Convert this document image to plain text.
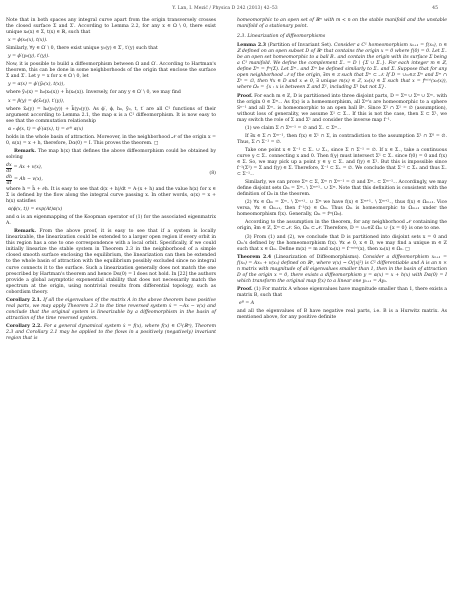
Y. Lan, I. Mezić / Physica D 242 (2013) 42–53	45

Note that in both spaces any integral curve apart from the origin transversely crosses the closed surface Σ and Σ′. According to Lemma 2.2, for any x ∈ Ω \ 0, there exist unique x₀(x) ∈ Σ, t(x) ∈ ℝ, such that

x = ϕ(x₀(x), t(x)).

Similarly, ∀y ∈ Ω′ \ 0, there exist unique y₀(y) ∈ Σ′, t′(y) such that

y = ϕ′(y₀(y), t′(y)).

Now, it is possible to build a diffeomorphism between Ω and Ω′. According to Hartman's theorem, this can be done in some neighborhoods of the origin that enclose the surface Σ and Σ′. Let y = x for x ∈ Ω \ 0, let

y = α(x) = ϕ′(ỹ₀(x), t(x)),

where ỹ₀(x) = h₀(x₀(x)) + h̃(x₀(x)). Inversely, for any y ∈ Ω′ \ 0, we may find

x = β(y) = ϕ(x̃₀(y), t′(y)),

where x̃₀(y) = h₀(y₀(y)) + k̃(y₀(y)). As ϕ′, ϕ, h₀, ỹ₀, t, t′ are all C¹ functions of their argument according to Lemma 2.1, the map α is a C¹ diffeomorphism. It is now easy to see that the commutation relationship

α ∘ ϕ(x, t) = ϕ′(α(x), t) = eᴬᵗ α(x)

holds in the whole basin of attraction. Moreover, in the neighborhood 𝒩 of the origin x = 0, α(x) = x + h, therefore, Dα(0) = I. This proves the theorem. □

Remark. The map h(x) that defines the above diffeomorphism could be obtained by solving

$\frac{dx}{dt} = Ax + v(x)$,
$\frac{dh}{dt} = Ah - v(x)$,
(8)

where h = h̃ + ∂h. It is easy to see that d(x + h)/dt = A·(x + h) and the value h(x) for x ∈ Σ is defined by the flow along the integral curve passing x. In other words, α(x) = x + h(x) satisfies

α(ϕ(x, t)) = exp(At)α(x)

and α is an eigenmapping of the Koopman operator of (1) for the associated eigenmatrix A.

Remark. From the above proof, it is easy to see that if a system is locally linearizable, the linearization could be extended to a larger open region if every orbit in this region has a one to one correspondence with a local orbit. Specifically, if we could initially linearize the stable system in Theorem 2.3 in the neighborhood of a simple closed smooth surface enclosing the equilibrium, the linearization can then be extended to the whole basin of attraction with the equilibrium possibly excluded since no integral curve connects it to the surface. Such a linearization generally does not match the one prescribed by Hartman's theorem and hence Dα(0) = I does not hold. In [22] the authors provide a global asymptotic exponential stability that does not necessarily match the spectrum at the origin, using nontrivial results from differential topology, such as cobordism theory.

Corollary 2.1. If all the eigenvalues of the matrix A in the above theorem have positive real parts, we may apply Theorem 2.3 to the time reversed system ẋ = −Ax − v(x) and conclude that the original system is linearizable by a diffeomorphism in the basin of attraction of the time reversed system.

Corollary 2.2. For a general dynamical system ẋ = f(x), where f(x) ∈ C²(ℝⁿ), Theorem 2.3 and Corollary 2.1 may be applied to the flows in a positively (negatively) invariant region that is

homeomorphic to an open set of ℝᵐ with m < n on the stable manifold and the unstable manifold of a stationary point.

2.3. Linearization of diffeomorphisms

Lemma 2.3 (Partition of Invariant Set). Consider a C¹ homeomorphism xₙ₊₁ = f(xₙ), n ∈ ℤ defined on an open subset D of ℝⁿ that contains the origin x = 0 where f(0) = 0. Let Σ₋ be an open set homeomorphic to a ball B₋ and contain the origin with its surface Σ being a C¹ manifold. We define the complement Σ₋ = D \ {Σ ∪ Σ₋}. For each integer m ∈ ℤ, define Σᵐ = fᵐ(Σ). Let Σᵐ₋ and Σᵐ be defined similarly to Σ₋ and Σ. Suppose that for any open neighborhood 𝒩 of the origin, ∃m ∈ ℤ such that Σᵐ ⊂ 𝒩. If D = ∪ₘ∈ℤ Σᵐ and Σᵐ ∩ Σˢ = ∅, then ∀x ∈ D and x ≠ 0, ∃ unique m(x) ∈ ℤ, x₀(x) ∈ Σ such that x = fᵐ⁽ˣ⁾(x₀(x)), where Ω₀ = {x : x is between Σ and Σ¹, including Σ¹ but not Σ}.

Proof. For each m ∈ ℤ, D is partitioned into three disjoint parts, D = Σᵐ ∪ Σᵐ ∪ Σᵐ₋ with the origin 0 ∈ Σᵐ₋. As f(x) is a homeomorphism, all Σᵐ's are homeomorphic to a sphere Sⁿ⁻¹ and all Σᵐ₋ is homeomorphic to an open ball Bⁿ. Since Σ¹ ∩ Σ¹ = ∅ (assumption), without loss of generality, we assume Σ¹ ⊂ Σ₋. If this is not the case, then Σ ⊂ Σ¹, we may switch the role of Σ and Σ¹ and consider the inverse map f⁻¹.

(1) we claim Σ ∩ Σᵐ⁻¹ = ∅ and Σ₋ ⊂ Σᵐ₋.

If ∃x ∈ Σ ∩ Σᵐ⁻¹, then f(x) ∈ Σ¹ ∩ Σ, in contradiction to the assumption Σ¹ ∩ Σ⁰ = ∅. Thus, Σ ∩ Σ⁻¹ = ∅.

Take one point x ∈ Σ⁻¹ ⊂ Σ₋ ∪ Σ₊, since Σ ∩ Σ⁻¹ = ∅. If x ∈ Σ₋, take a continuous curve γ ⊂ Σ₋ connecting x and 0. Then f(γ) must intersect Σ¹ ⊂ Σ₋ since f(0) = 0 and f(x) ∈ Σ. So, we may pick up a point y ∈ γ ⊂ Σ₋ and f(y) ∈ Σ¹. But this is impossible since f⁻¹(Σ¹) = Σ and f(y) ∈ Σ. Therefore, Σ⁻¹ ⊂ Σ₊ = ∅. We conclude that Σ⁻¹ ⊂ Σ₊ and thus Σ₋ ⊂ Σ⁻¹₋.

Similarly, we can prove Σᵐ ⊂ Σ, Σᵐ ∩ Σᵐ⁻¹ = ∅ and Σᵐ₋ ⊂ Σᵐ⁻¹₋. Accordingly, we may define disjoint sets Ωₘ = Σᵐ₋ \ Σᵐ⁺¹₋ ∪ Σᵐ. Note that this definition is consistent with the definition of Ω₀ in the theorem.

(2) ∀x ∈ Ωₘ = Σᵐ₋ \ Σᵐ⁺¹₋ ∪ Σᵐ we have f(x) ∈ Σᵐ⁺¹₋ \ Σᵐ⁺²₋, thus f(x) ∈ Ωₘ₊₁. Vice versa, ∀x ∈ Ωₘ₊₁, then f⁻¹(x) ∈ Ωₘ. Thus Ωₘ is homeomorphic to Ωₘ₊₁ under the homeomorphism f(x). Generally, Ωₘ = fᵐ(Ω₀).

According to the assumption in the theorem, for any neighborhood 𝒩 containing the origin, ∃m ∈ ℤ, Σᵐ ⊂ 𝒩. So, Ωₘ ⊂ 𝒩. Therefore, D = ∪ₘ∈ℤ Ωₘ ∪ {x = 0} is one to one.

(3) From (1) and (2), we conclude that D is partitioned into disjoint sets x = 0 and Ωₘ's defined by the homeomorphism f(x). ∀x ≠ 0, x ∈ D, we may find a unique m ∈ ℤ such that x ∈ Ωₘ. Define m(x) = m and x₀(x) = f⁻ᵐ⁽ˣ⁾(x), then x₀(x) ∈ Ω₀. □

Theorem 2.4 (Linearization of Diffeomorphisms). Consider a diffeomorphism xₙ₊₁ = f(xₙ) = Axₙ + v(xₙ) defined on ℝⁿ, where v(x) ~ O(|x|²) is C² differentiable and A is an n × n matrix with magnitude of all eigenvalues smaller than 1, then in the basin of attraction D of the origin x = 0, there exists a diffeomorphism y = α(x) = x + h(x) with Dα(0) = I which transform the original map f(x) to a linear one yₙ₊₁ = Ayₙ.

Proof. (1) For matrix A whose eigenvalues have magnitude smaller than 1, there exists a matrix B, such that

eᴮ = A

and all the eigenvalues of B have negative real parts, i.e. B is a Hurwitz matrix. As mentioned above, for any positive definite
